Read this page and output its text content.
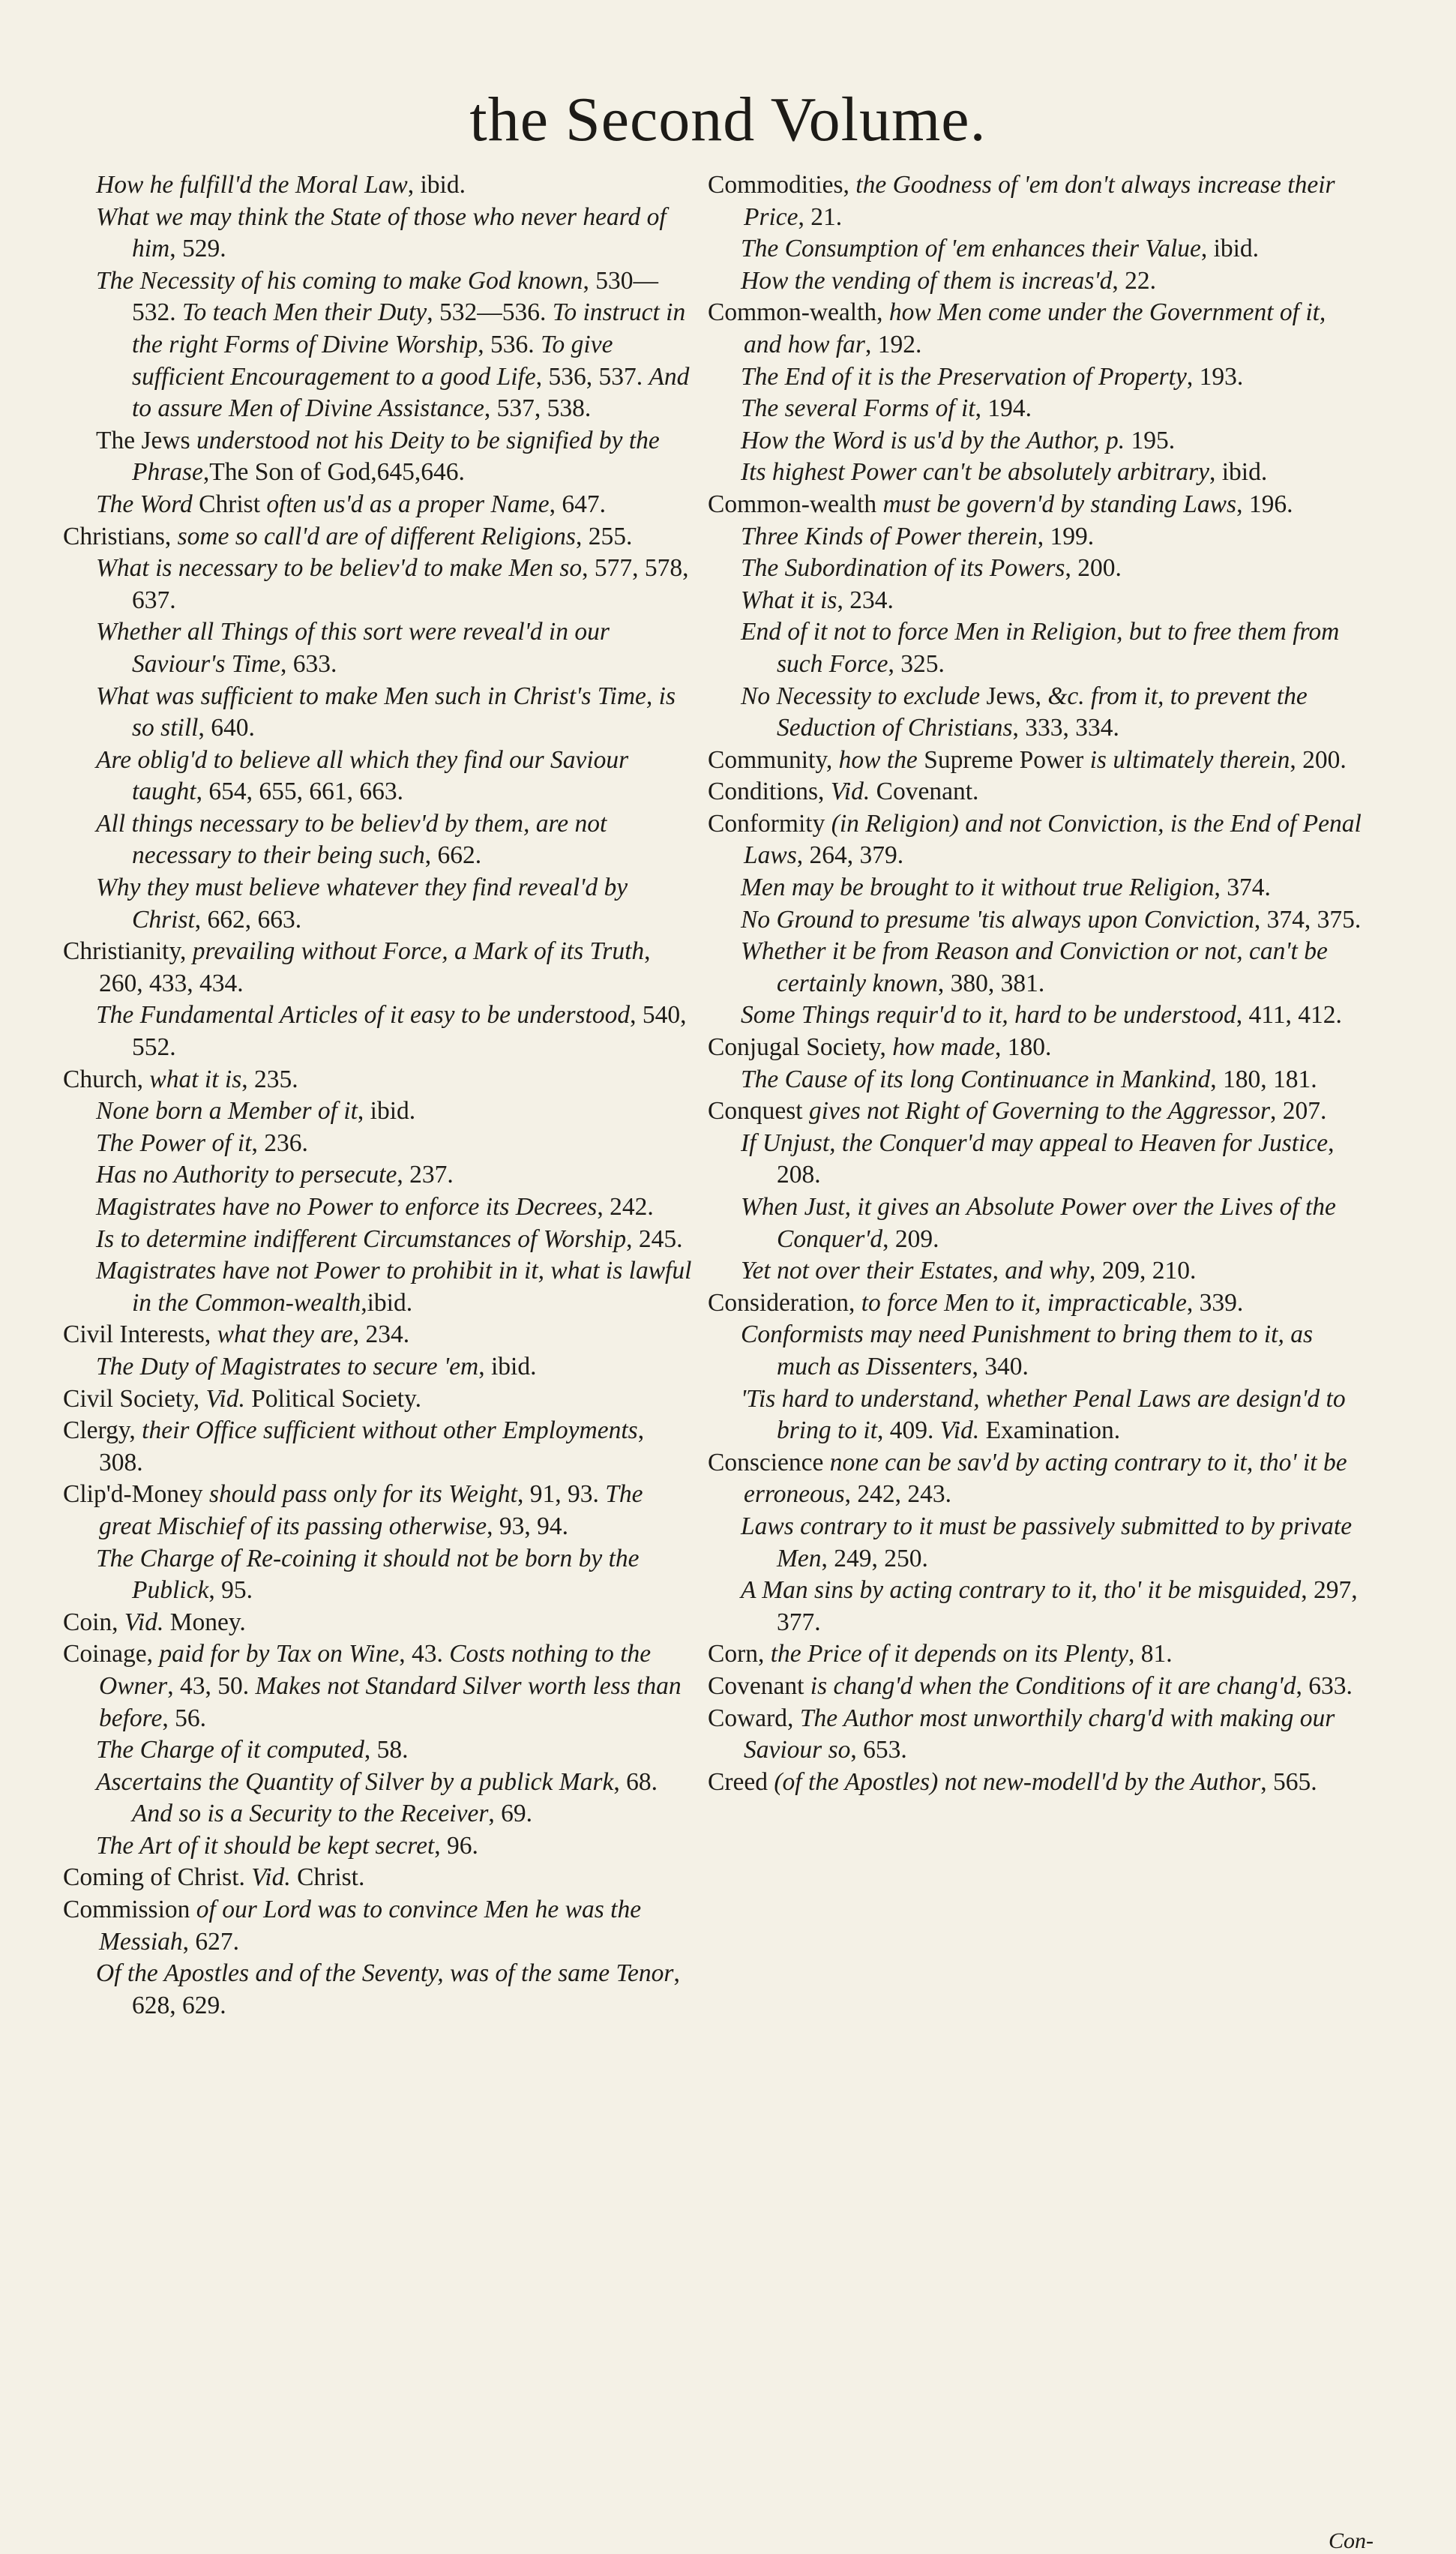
the Second Volume.
How he fulfill'd the Moral Law, ibid.
What we may think the State of those who never heard of him, 529.
The Necessity of his coming to make God known, 530—532. To teach Men their Duty, 532—536. To instruct in the right Forms of Divine Worship, 536. To give sufficient Encouragement to a good Life, 536, 537. And to assure Men of Divine Assistance, 537, 538.
The Jews understood not his Deity to be signified by the Phrase,The Son of God,645,646.
The Word Christ often us'd as a proper Name, 647.
Christians, some so call'd are of different Religions, 255.
What is necessary to be believ'd to make Men so, 577, 578, 637.
Whether all Things of this sort were reveal'd in our Saviour's Time, 633.
What was sufficient to make Men such in Christ's Time, is so still, 640.
Are oblig'd to believe all which they find our Saviour taught, 654, 655, 661, 663.
All things necessary to be believ'd by them, are not necessary to their being such, 662.
Why they must believe whatever they find reveal'd by Christ, 662, 663.
Christianity, prevailing without Force, a Mark of its Truth, 260, 433, 434.
The Fundamental Articles of it easy to be understood, 540, 552.
Church, what it is, 235.
None born a Member of it, ibid.
The Power of it, 236.
Has no Authority to persecute, 237.
Magistrates have no Power to enforce its Decrees, 242.
Is to determine indifferent Circumstances of Worship, 245.
Magistrates have not Power to prohibit in it, what is lawful in the Common-wealth,ibid.
Civil Interests, what they are, 234.
The Duty of Magistrates to secure 'em, ibid.
Civil Society, Vid. Political Society.
Clergy, their Office sufficient without other Employments, 308.
Clip'd-Money should pass only for its Weight, 91, 93. The great Mischief of its passing otherwise, 93, 94.
The Charge of Re-coining it should not be born by the Publick, 95.
Coin, Vid. Money.
Coinage, paid for by Tax on Wine, 43. Costs nothing to the Owner, 43, 50. Makes not Standard Silver worth less than before, 56.
The Charge of it computed, 58.
Ascertains the Quantity of Silver by a publick Mark, 68. And so is a Security to the Receiver, 69.
The Art of it should be kept secret, 96.
Coming of Christ. Vid. Christ.
Commission of our Lord was to convince Men he was the Messiah, 627.
Of the Apostles and of the Seventy, was of the same Tenor, 628, 629.
Commodities, the Goodness of 'em don't always increase their Price, 21.
The Consumption of 'em enhances their Value, ibid.
How the vending of them is increas'd, 22.
Common-wealth, how Men come under the Government of it, and how far, 192.
The End of it is the Preservation of Property, 193.
The several Forms of it, 194.
How the Word is us'd by the Author, p. 195.
Its highest Power can't be absolutely arbitrary, ibid.
Common-wealth must be govern'd by standing Laws, 196.
Three Kinds of Power therein, 199.
The Subordination of its Powers, 200.
What it is, 234.
End of it not to force Men in Religion, but to free them from such Force, 325.
No Necessity to exclude Jews, &c. from it, to prevent the Seduction of Christians, 333, 334.
Community, how the Supreme Power is ultimately therein, 200.
Conditions, Vid. Covenant.
Conformity (in Religion) and not Conviction, is the End of Penal Laws, 264, 379.
Men may be brought to it without true Religion, 374.
No Ground to presume 'tis always upon Conviction, 374, 375.
Whether it be from Reason and Conviction or not, can't be certainly known, 380, 381.
Some Things requir'd to it, hard to be understood, 411, 412.
Conjugal Society, how made, 180.
The Cause of its long Continuance in Mankind, 180, 181.
Conquest gives not Right of Governing to the Aggressor, 207.
If Unjust, the Conquer'd may appeal to Heaven for Justice, 208.
When Just, it gives an Absolute Power over the Lives of the Conquer'd, 209.
Yet not over their Estates, and why, 209, 210.
Consideration, to force Men to it, impracticable, 339.
Conformists may need Punishment to bring them to it, as much as Dissenters, 340.
'Tis hard to understand, whether Penal Laws are design'd to bring to it, 409. Vid. Examination.
Conscience none can be sav'd by acting contrary to it, tho' it be erroneous, 242, 243.
Laws contrary to it must be passively submitted to by private Men, 249, 250.
A Man sins by acting contrary to it, tho' it be misguided, 297, 377.
Corn, the Price of it depends on its Plenty, 81.
Covenant is chang'd when the Conditions of it are chang'd, 633.
Coward, The Author most unworthily charg'd with making our Saviour so, 653.
Creed (of the Apostles) not new-modell'd by the Author, 565.
Con-
